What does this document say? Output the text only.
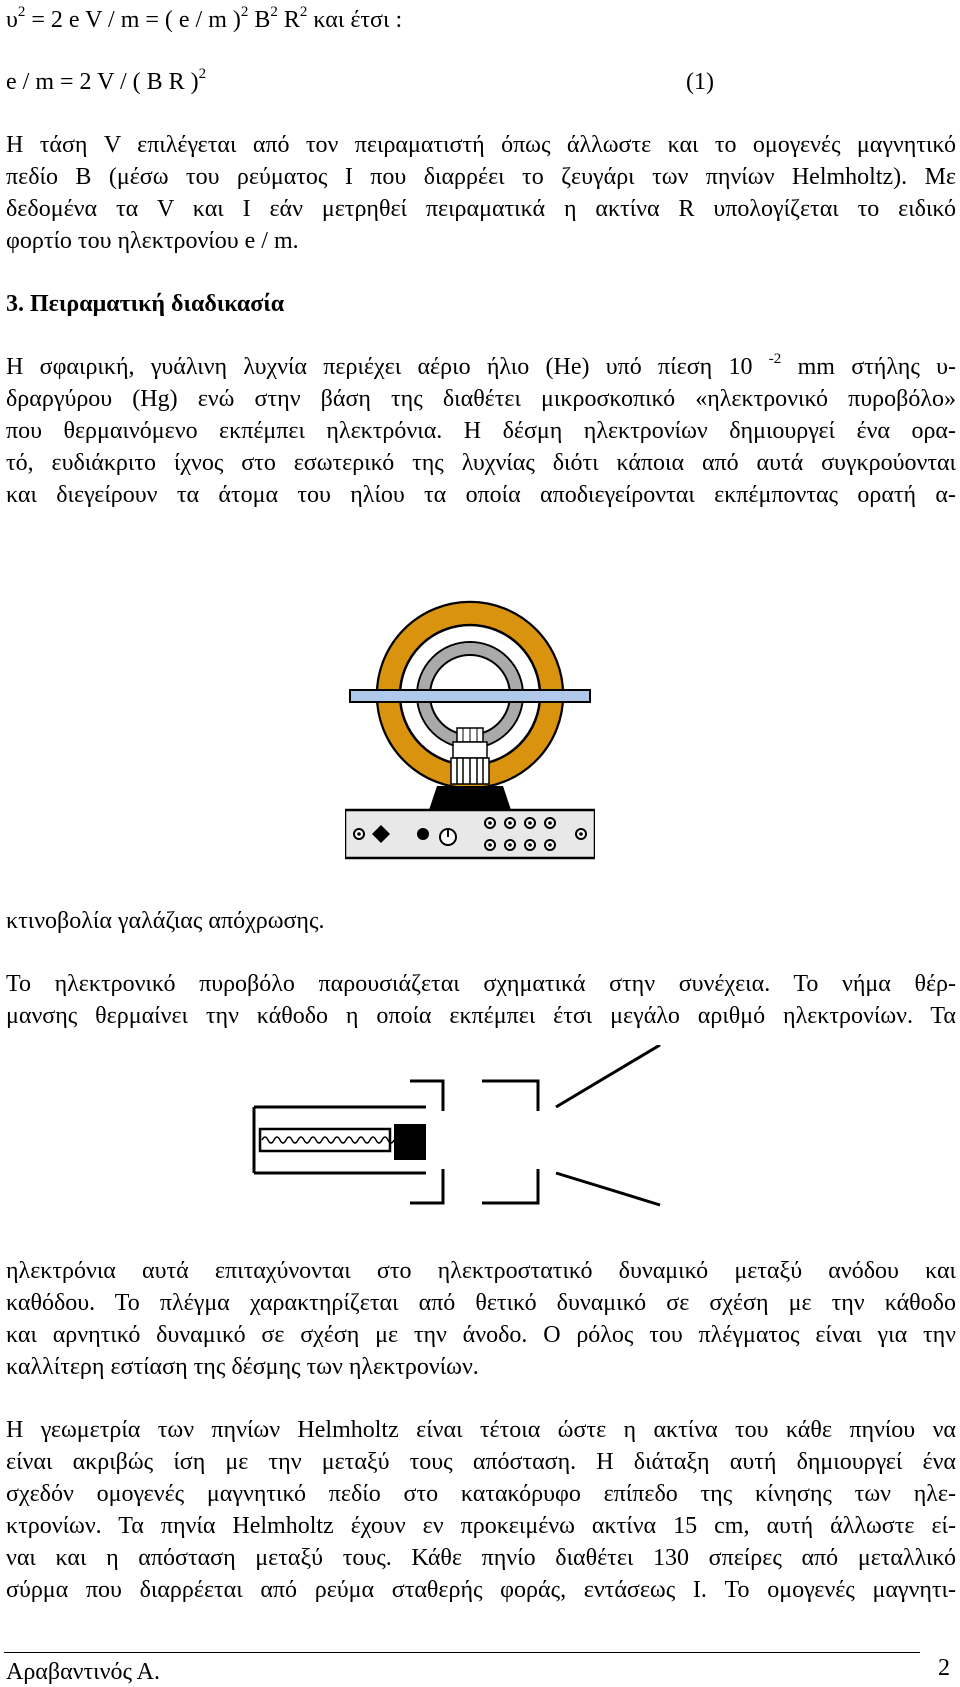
$\upsilon^2 = 2$ e V / m = ( e / m )$^2$ $B^2$ $R^2$ και έτσι :
e / m = 2 V / ( B R )$^2$	(1)
Η τάση V επιλέγεται από τον πειραματιστή όπως άλλωστε και το ομογενές μαγνητικό
πεδίο B (μέσω του ρεύματος I που διαρρέει το ζευγάρι των πηνίων Helmholtz). Με
δεδομένα τα V και I εάν μετρηθεί πειραματικά η ακτίνα R υπολογίζεται το ειδικό
φορτίο του ηλεκτρονίου e / m.
3. Πειραματική διαδικασία
Η σφαιρική, γυάλινη λυχνία περιέχει αέριο ήλιο (He) υπό πίεση 10 $^{-2}$ mm στήλης υ-
δραργύρου (Hg) ενώ στην βάση της διαθέτει μικροσκοπικό «ηλεκτρονικό πυροβόλο»
που θερμαινόμενο εκπέμπει ηλεκτρόνια. Η δέσμη ηλεκτρονίων δημιουργεί ένα ορα-
τό, ευδιάκριτο ίχνος στο εσωτερικό της λυχνίας διότι κάποια από αυτά συγκρούονται
και διεγείρουν τα άτομα του ηλίου τα οποία αποδιεγείρονται εκπέμποντας ορατή α-
κτινοβολία γαλάζιας απόχρωσης.
Το ηλεκτρονικό πυροβόλο παρουσιάζεται σχηματικά στην συνέχεια. Το νήμα θέρ-
μανσης θερμαίνει την κάθοδο η οποία εκπέμπει έτσι μεγάλο αριθμό ηλεκτρονίων. Τα
ηλεκτρόνια αυτά επιταχύνονται στο ηλεκτροστατικό δυναμικό μεταξύ ανόδου και
καθόδου. Το πλέγμα χαρακτηρίζεται από θετικό δυναμικό σε σχέση με την κάθοδο
και αρνητικό δυναμικό σε σχέση με την άνοδο. Ο ρόλος του πλέγματος είναι για την
καλλίτερη εστίαση της δέσμης των ηλεκτρονίων.
Η γεωμετρία των πηνίων Helmholtz είναι τέτοια ώστε η ακτίνα του κάθε πηνίου να
είναι ακριβώς ίση με την μεταξύ τους απόσταση. Η διάταξη αυτή δημιουργεί ένα
σχεδόν ομογενές μαγνητικό πεδίο στο κατακόρυφο επίπεδο της κίνησης των ηλε-
κτρονίων. Τα πηνία Helmholtz έχουν εν προκειμένω ακτίνα 15 cm, αυτή άλλωστε εί-
ναι και η απόσταση μεταξύ τους. Κάθε πηνίο διαθέτει 130 σπείρες από μεταλλικό
σύρμα που διαρρέεται από ρεύμα σταθερής φοράς, εντάσεως I. Το ομογενές μαγνητι-
Αραβαντινός Α.	2
